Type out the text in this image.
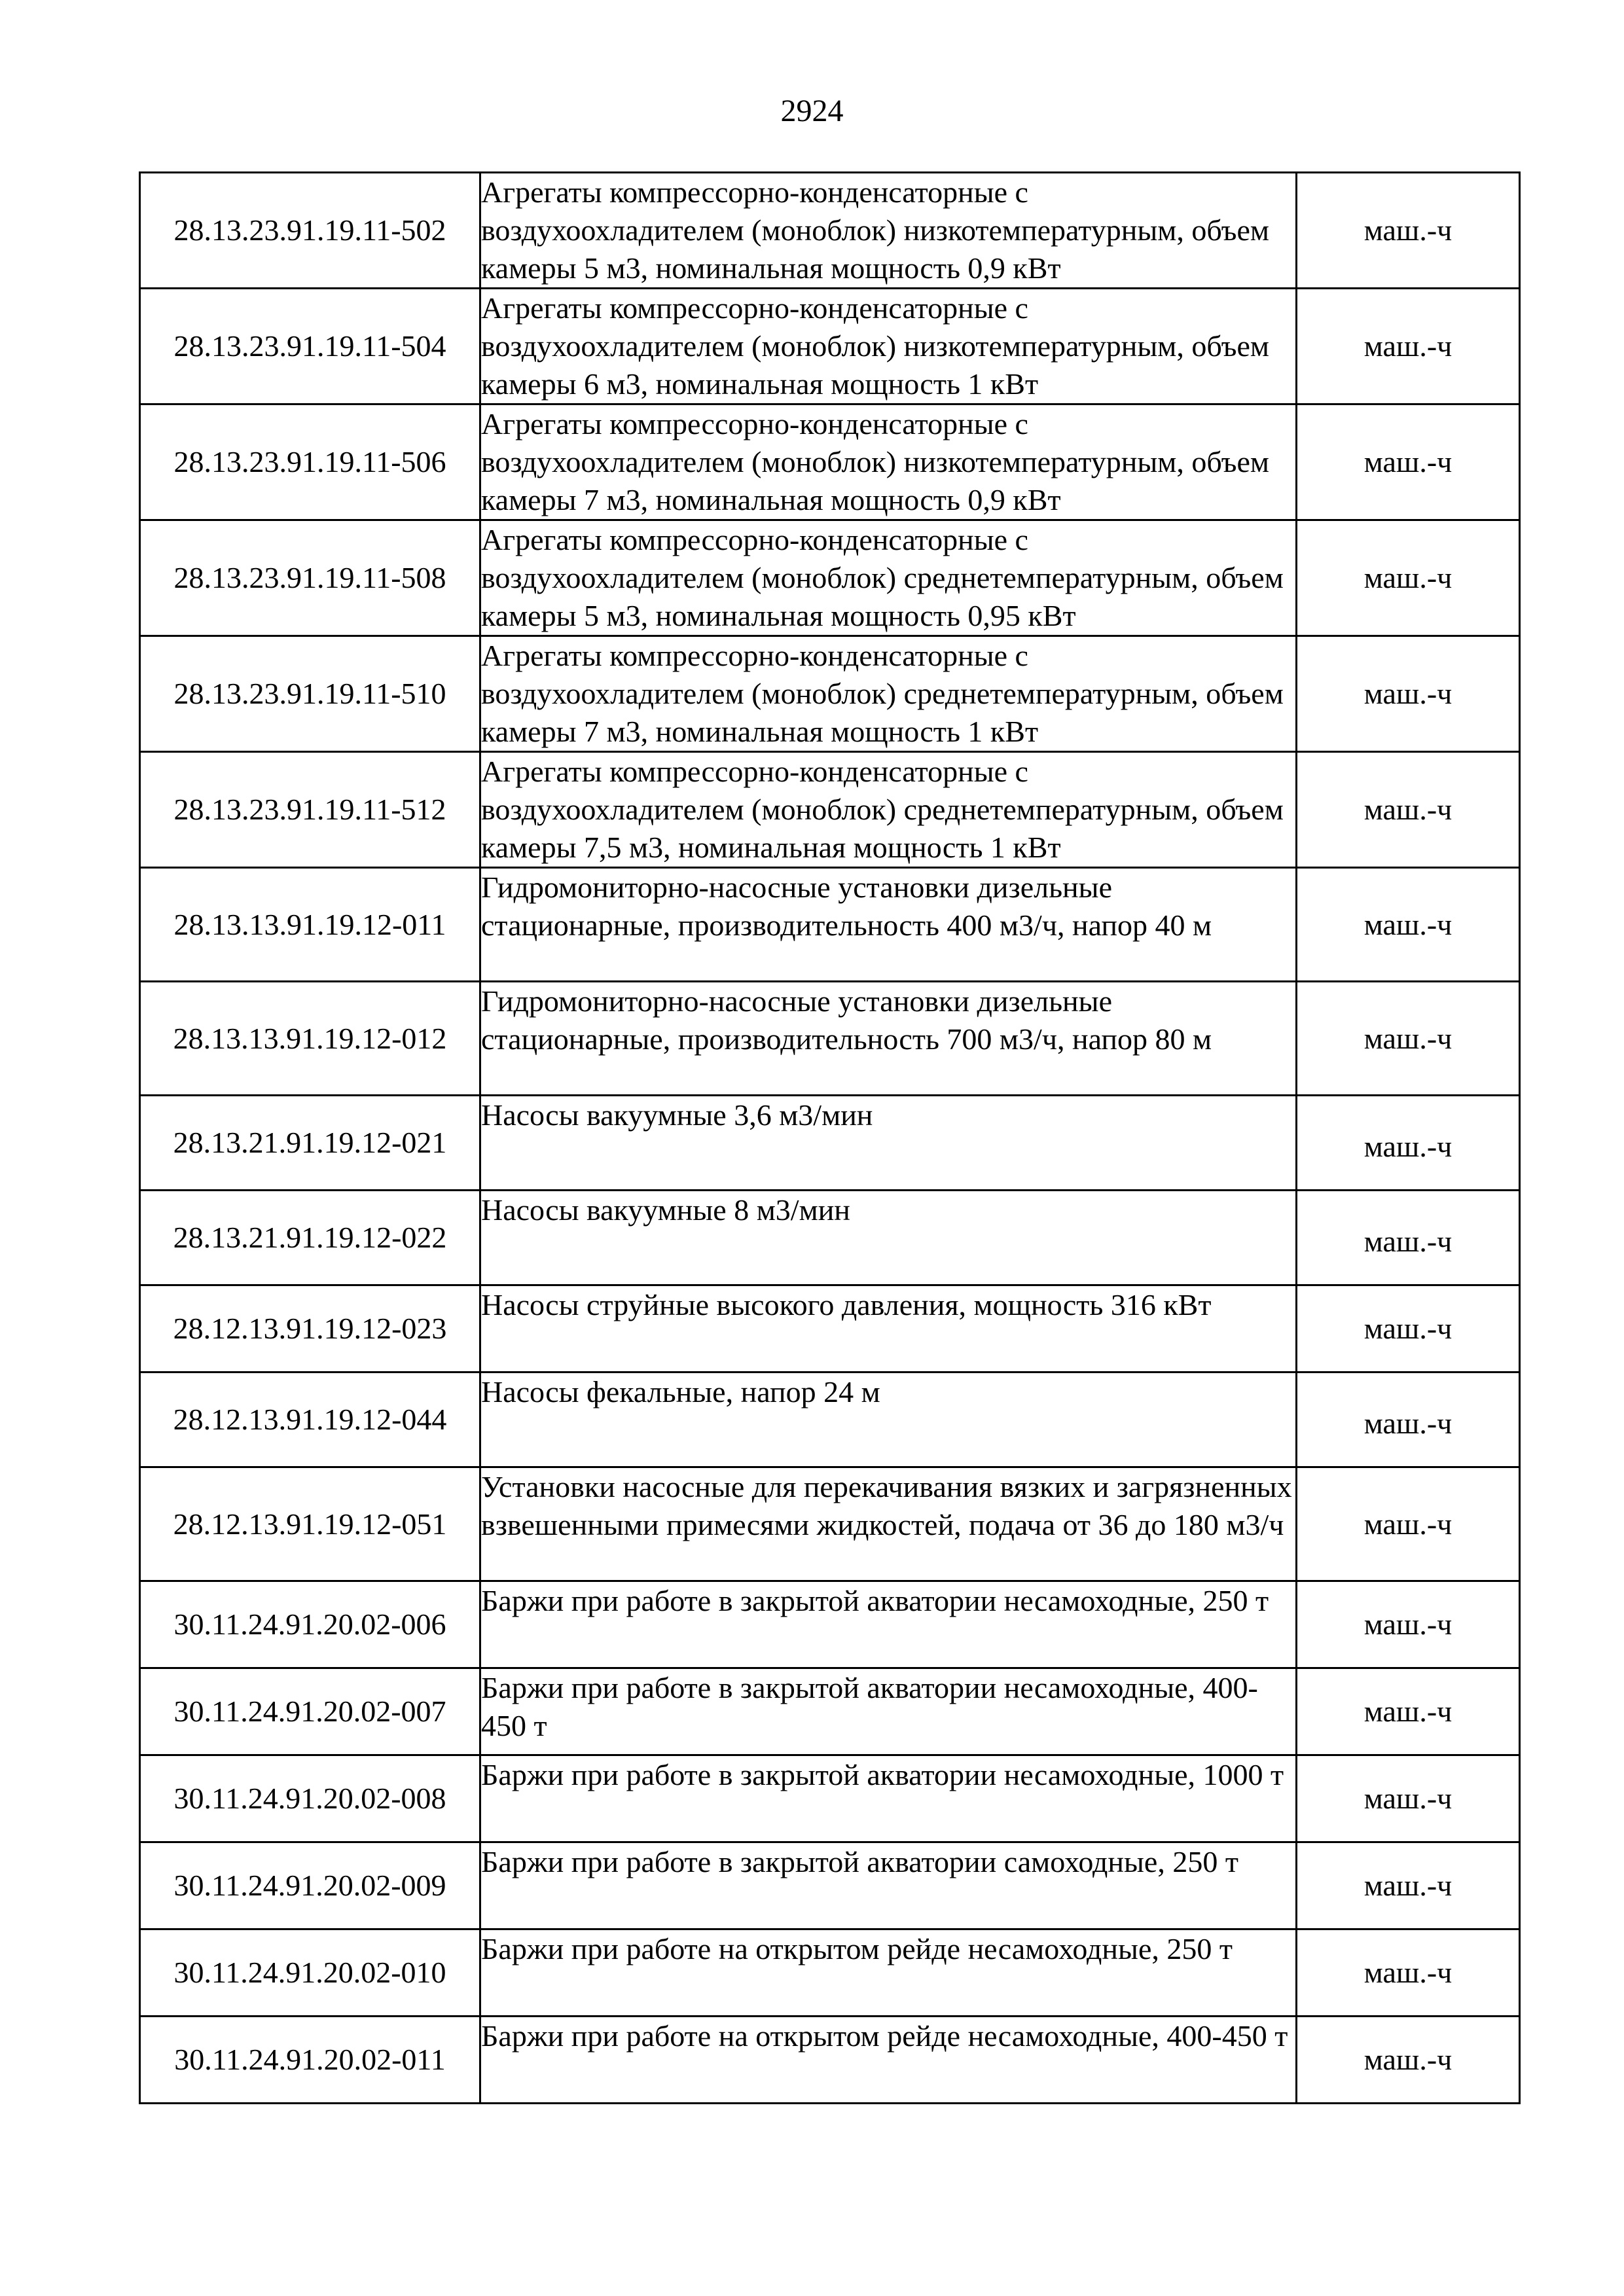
2924
28.13.23.91.19.11-502	Агрегаты компрессорно-конденсаторные с воздухоохладителем (моноблок) низкотемпературным, объем камеры 5 м3, номинальная мощность 0,9 кВт	маш.-ч
28.13.23.91.19.11-504	Агрегаты компрессорно-конденсаторные с воздухоохладителем (моноблок) низкотемпературным, объем камеры 6 м3, номинальная мощность 1 кВт	маш.-ч
28.13.23.91.19.11-506	Агрегаты компрессорно-конденсаторные с воздухоохладителем (моноблок) низкотемпературным, объем камеры 7 м3, номинальная мощность 0,9 кВт	маш.-ч
28.13.23.91.19.11-508	Агрегаты компрессорно-конденсаторные с воздухоохладителем (моноблок) среднетемпературным, объем камеры 5 м3, номинальная мощность 0,95 кВт	маш.-ч
28.13.23.91.19.11-510	Агрегаты компрессорно-конденсаторные с воздухоохладителем (моноблок) среднетемпературным, объем камеры 7 м3, номинальная мощность 1 кВт	маш.-ч
28.13.23.91.19.11-512	Агрегаты компрессорно-конденсаторные с воздухоохладителем (моноблок) среднетемпературным, объем камеры 7,5 м3, номинальная мощность 1 кВт	маш.-ч
28.13.13.91.19.12-011	Гидромониторно-насосные установки дизельные стационарные, производительность 400 м3/ч, напор 40 м	маш.-ч
28.13.13.91.19.12-012	Гидромониторно-насосные установки дизельные стационарные, производительность 700 м3/ч, напор 80 м	маш.-ч
28.13.21.91.19.12-021	Насосы вакуумные 3,6 м3/мин	маш.-ч
28.13.21.91.19.12-022	Насосы вакуумные 8 м3/мин	маш.-ч
28.12.13.91.19.12-023	Насосы струйные высокого давления, мощность 316 кВт	маш.-ч
28.12.13.91.19.12-044	Насосы фекальные, напор 24 м	маш.-ч
28.12.13.91.19.12-051	Установки насосные для перекачивания вязких и загрязненных взвешенными примесями жидкостей, подача от 36 до 180 м3/ч	маш.-ч
30.11.24.91.20.02-006	Баржи при работе в закрытой акватории несамоходные, 250 т	маш.-ч
30.11.24.91.20.02-007	Баржи при работе в закрытой акватории несамоходные, 400-450 т	маш.-ч
30.11.24.91.20.02-008	Баржи при работе в закрытой акватории несамоходные, 1000 т	маш.-ч
30.11.24.91.20.02-009	Баржи при работе в закрытой акватории самоходные, 250 т	маш.-ч
30.11.24.91.20.02-010	Баржи при работе на открытом рейде несамоходные, 250 т	маш.-ч
30.11.24.91.20.02-011	Баржи при работе на открытом рейде несамоходные, 400-450 т	маш.-ч
